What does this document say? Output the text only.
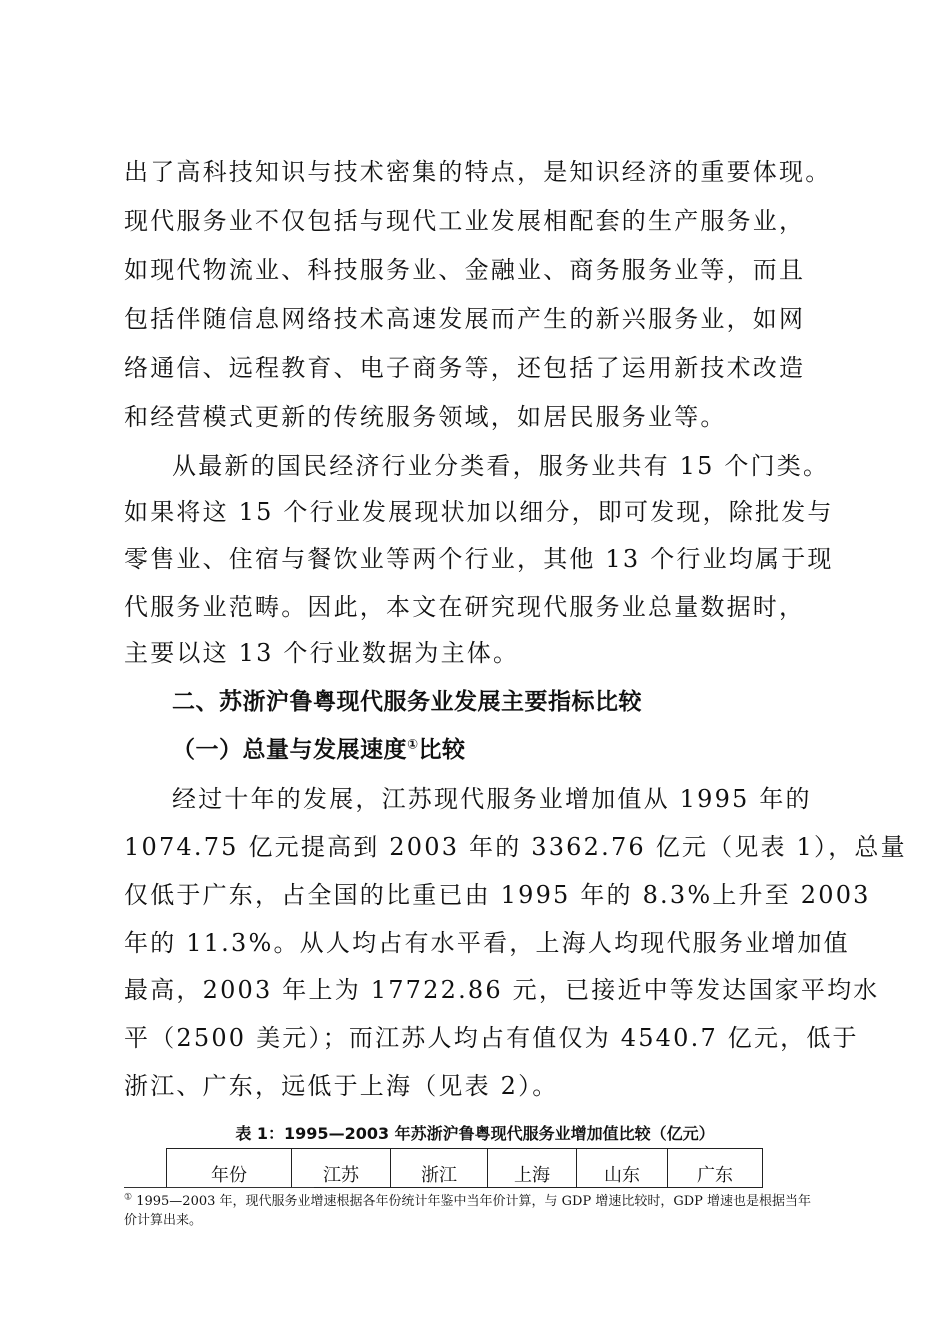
出了高科技知识与技术密集的特点，是知识经济的重要体现。
现代服务业不仅包括与现代工业发展相配套的生产服务业，
如现代物流业、科技服务业、金融业、商务服务业等，而且
包括伴随信息网络技术高速发展而产生的新兴服务业，如网
络通信、远程教育、电子商务等，还包括了运用新技术改造
和经营模式更新的传统服务领域，如居民服务业等。
从最新的国民经济行业分类看，服务业共有 15 个门类。
如果将这 15 个行业发展现状加以细分，即可发现，除批发与
零售业、住宿与餐饮业等两个行业，其他 13 个行业均属于现
代服务业范畴。因此，本文在研究现代服务业总量数据时，
主要以这 13 个行业数据为主体。
二、苏浙沪鲁粤现代服务业发展主要指标比较
（一）总量与发展速度①比较
经过十年的发展，江苏现代服务业增加值从 1995 年的
1074.75 亿元提高到 2003 年的 3362.76 亿元（见表 1），总量
仅低于广东，占全国的比重已由 1995 年的 8.3%上升至 2003
年的 11.3%。从人均占有水平看，上海人均现代服务业增加值
最高，2003 年上为 17722.86 元，已接近中等发达国家平均水
平（2500 美元）；而江苏人均占有值仅为 4540.7 亿元，低于
浙江、广东，远低于上海（见表 2）。
表 1：1995—2003 年苏浙沪鲁粤现代服务业增加值比较（亿元）
年份	江苏	浙江	上海	山东	广东
① 1995—2003 年，现代服务业增速根据各年份统计年鉴中当年价计算，与 GDP 增速比较时，GDP 增速也是根据当年价计算出来。
